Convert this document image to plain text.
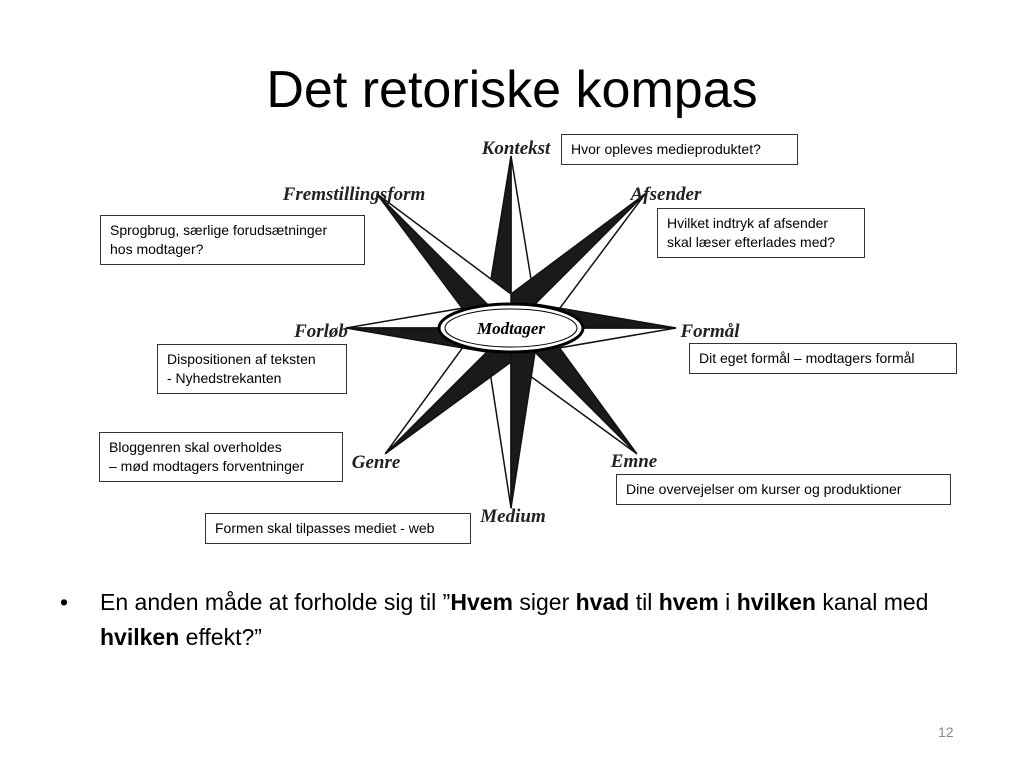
Det retoriske kompas
Modtager
Kontekst
Afsender
Fremstillingsform
Forløb	Formål
Genre	Emne
Medium
Hvor opleves medieproduktet?
Hvilket indtryk af afsender
skal læser efterlades med?
Sprogbrug, særlige forudsætninger
hos modtager?
Dispositionen af teksten
- Nyhedstrekanten
Dit eget formål – modtagers formål
Bloggenren skal overholdes
– mød modtagers forventninger
Dine overvejelser om kurser og produktioner
Formen skal tilpasses mediet - web
• En anden måde at forholde sig til ”Hvem siger hvad til hvem i hvilken kanal med hvilken effekt?”
12
